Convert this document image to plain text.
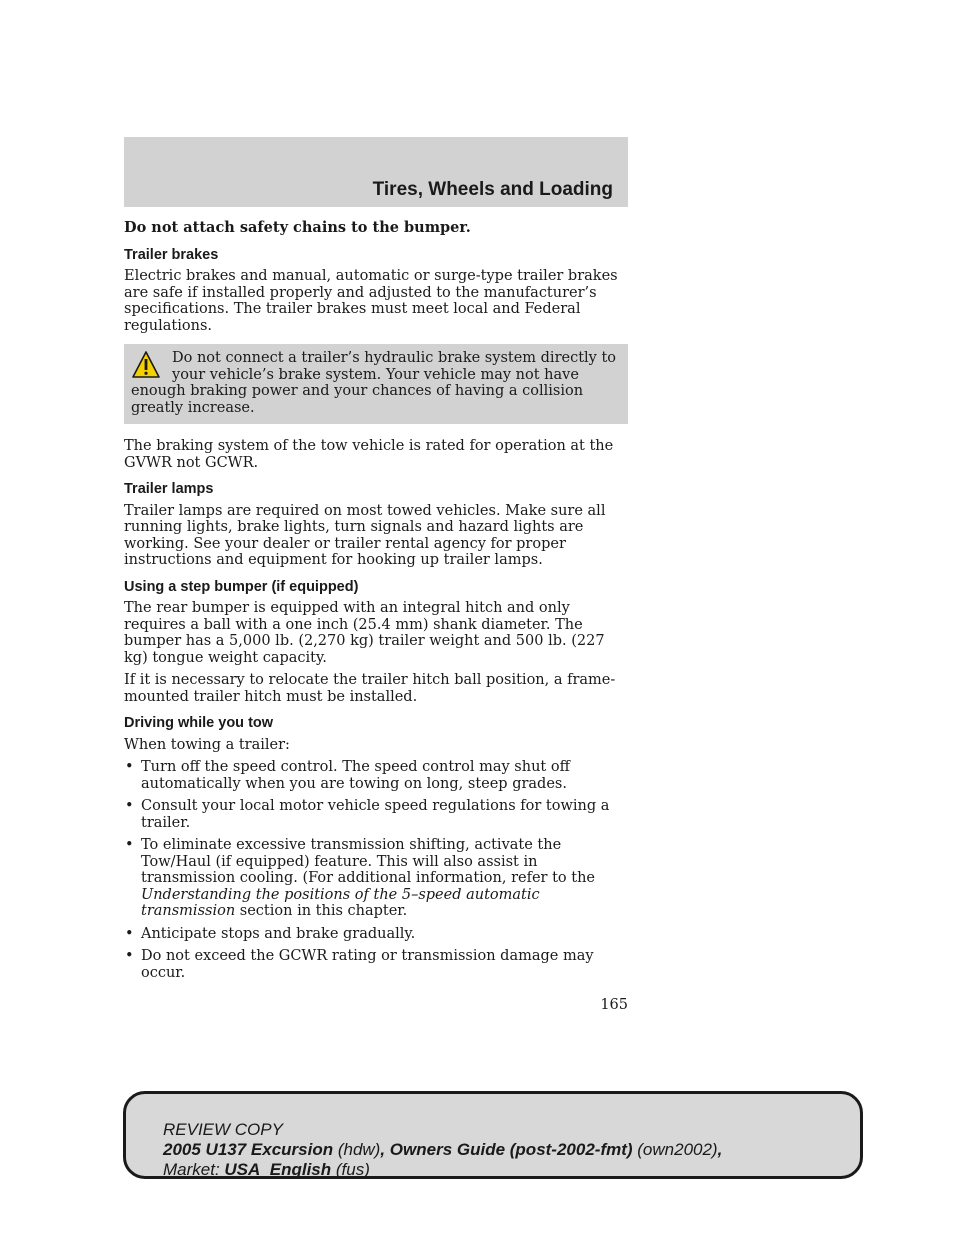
Tires, Wheels and Loading

Do not attach safety chains to the bumper.

Trailer brakes

Electric brakes and manual, automatic or surge-type trailer brakes are safe if installed properly and adjusted to the manufacturer’s specifications. The trailer brakes must meet local and Federal regulations.

Do not connect a trailer’s hydraulic brake system directly to your vehicle’s brake system. Your vehicle may not have enough braking power and your chances of having a collision greatly increase.

The braking system of the tow vehicle is rated for operation at the GVWR not GCWR.

Trailer lamps

Trailer lamps are required on most towed vehicles. Make sure all running lights, brake lights, turn signals and hazard lights are working. See your dealer or trailer rental agency for proper instructions and equipment for hooking up trailer lamps.

Using a step bumper (if equipped)

The rear bumper is equipped with an integral hitch and only requires a ball with a one inch (25.4 mm) shank diameter. The bumper has a 5,000 lb. (2,270 kg) trailer weight and 500 lb. (227 kg) tongue weight capacity.

If it is necessary to relocate the trailer hitch ball position, a frame-mounted trailer hitch must be installed.

Driving while you tow

When towing a trailer:

• Turn off the speed control. The speed control may shut off automatically when you are towing on long, steep grades.
• Consult your local motor vehicle speed regulations for towing a trailer.
• To eliminate excessive transmission shifting, activate the Tow/Haul (if equipped) feature. This will also assist in transmission cooling. (For additional information, refer to the Understanding the positions of the 5–speed automatic transmission section in this chapter.
• Anticipate stops and brake gradually.
• Do not exceed the GCWR rating or transmission damage may occur.
165
REVIEW COPY
2005 U137 Excursion (hdw), Owners Guide (post-2002-fmt) (own2002),
Market: USA_English (fus)
